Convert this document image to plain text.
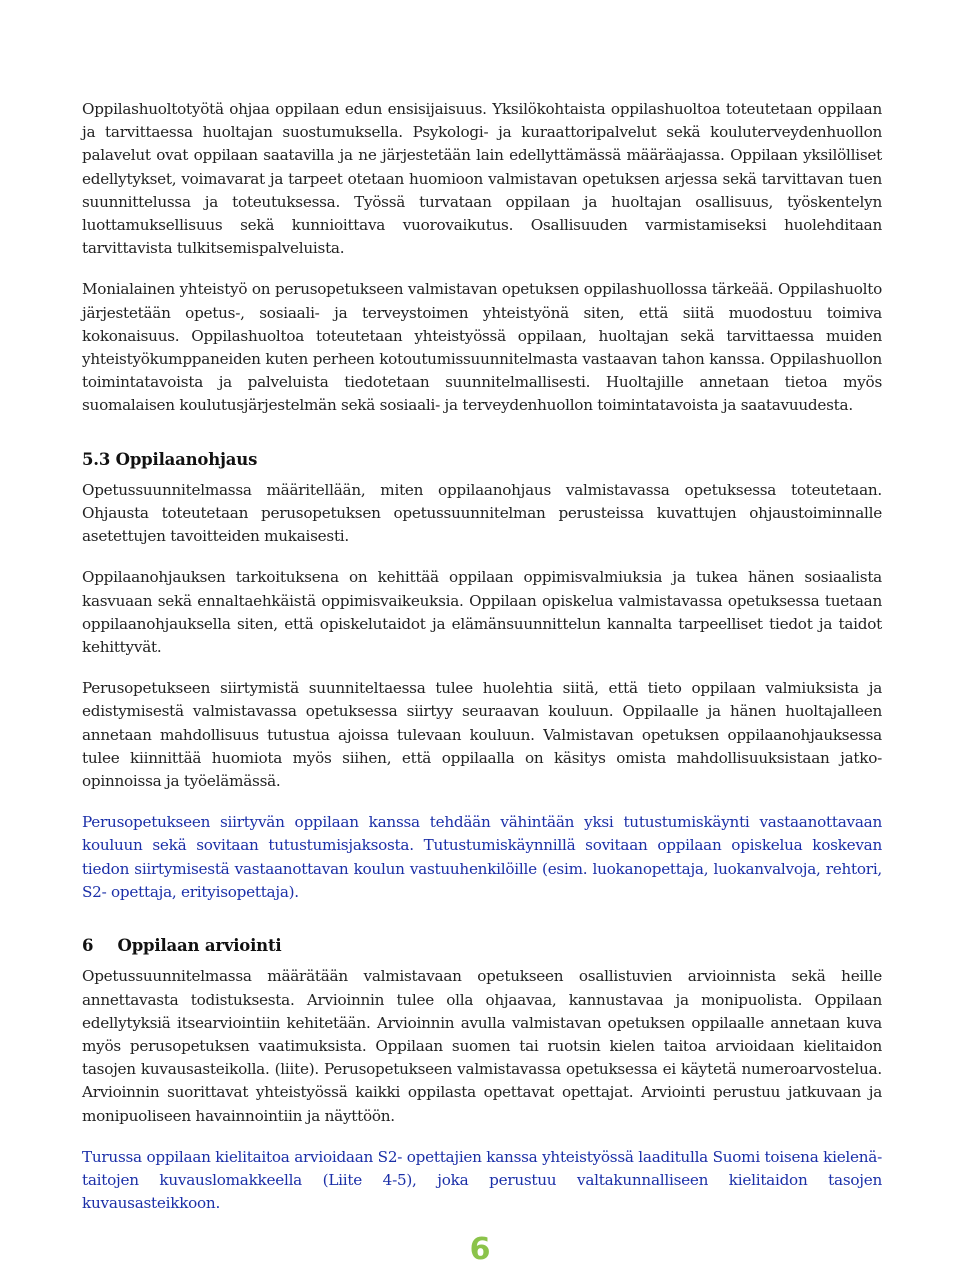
Oppilashuoltotyötä ohjaa oppilaan edun ensisijaisuus. Yksilökohtaista oppilashuoltoa toteutetaan oppilaan ja tarvittaessa huoltajan suostumuksella. Psykologi- ja kuraattoripalvelut sekä kouluterveydenhuollon palavelut ovat oppilaan saatavilla ja ne järjestetään lain edellyttämässä määräajassa. Oppilaan yksilölliset edellytykset, voimavarat ja tarpeet otetaan huomioon valmistavan opetuksen arjessa sekä tarvittavan tuen suunnittelussa ja toteutuksessa. Työssä turvataan oppilaan ja huoltajan osallisuus, työskentelyn luottamuksellisuus sekä kunnioittava vuorovaikutus. Osallisuuden varmistamiseksi huolehditaan tarvittavista tulkitsemispalveluista.

Monialainen yhteistyö on perusopetukseen valmistavan opetuksen oppilashuollossa tärkeää. Oppilashuolto järjestetään opetus-, sosiaali- ja terveystoimen yhteistyönä siten, että siitä muodostuu toimiva kokonaisuus. Oppilashuoltoa toteutetaan yhteistyössä oppilaan, huoltajan sekä tarvittaessa muiden yhteistyökumppaneiden kuten perheen kotoutumissuunnitelmasta vastaavan tahon kanssa. Oppilashuollon toimintatavoista ja palveluista tiedotetaan suunnitelmallisesti. Huoltajille annetaan tietoa myös suomalaisen koulutusjärjestelmän sekä sosiaali- ja terveydenhuollon toimintatavoista ja saatavuudesta.

5.3 Oppilaanohjaus

Opetussuunnitelmassa määritellään, miten oppilaanohjaus valmistavassa opetuksessa toteutetaan. Ohjausta toteutetaan perusopetuksen opetussuunnitelman perusteissa kuvattujen ohjaustoiminnalle asetettujen tavoitteiden mukaisesti.

Oppilaanohjauksen tarkoituksena on kehittää oppilaan oppimisvalmiuksia ja tukea hänen sosiaalista kasvuaan sekä ennaltaehkäistä oppimisvaikeuksia. Oppilaan opiskelua valmistavassa opetuksessa tuetaan oppilaanohjauksella siten, että opiskelutaidot ja elämänsuunnittelun kannalta tarpeelliset tiedot ja taidot kehittyvät.

Perusopetukseen siirtymistä suunniteltaessa tulee huolehtia siitä, että tieto oppilaan valmiuksista ja edistymisestä valmistavassa opetuksessa siirtyy seuraavan kouluun. Oppilaalle ja hänen huoltajalleen annetaan mahdollisuus tutustua ajoissa tulevaan kouluun. Valmistavan opetuksen oppilaanohjauksessa tulee kiinnittää huomiota myös siihen, että oppilaalla on käsitys omista mahdollisuuksistaan jatko-opinnoissa ja työelämässä.

Perusopetukseen siirtyvän oppilaan kanssa tehdään vähintään yksi tutustumiskäynti vastaanottavaan kouluun sekä sovitaan tutustumisjaksosta. Tutustumiskäynnillä sovitaan oppilaan opiskelua koskevan tiedon siirtymisestä vastaanottavan koulun vastuuhenkilöille (esim. luokanopettaja, luokanvalvoja, rehtori, S2- opettaja, erityisopettaja).

6 Oppilaan arviointi

Opetussuunnitelmassa määrätään valmistavaan opetukseen osallistuvien arvioinnista sekä heille annettavasta todistuksesta. Arvioinnin tulee olla ohjaavaa, kannustavaa ja monipuolista. Oppilaan edellytyksiä itsearviointiin kehitetään. Arvioinnin avulla valmistavan opetuksen oppilaalle annetaan kuva myös perusopetuksen vaatimuksista. Oppilaan suomen tai ruotsin kielen taitoa arvioidaan kielitaidon tasojen kuvausasteikolla. (liite). Perusopetukseen valmistavassa opetuksessa ei käytetä numeroarvostelua. Arvioinnin suorittavat yhteistyössä kaikki oppilasta opettavat opettajat. Arviointi perustuu jatkuvaan ja monipuoliseen havainnointiin ja näyttöön.

Turussa oppilaan kielitaitoa arvioidaan S2- opettajien kanssa yhteistyössä laaditulla Suomi toisena kielenä- taitojen kuvauslomakkeella (Liite 4-5), joka perustuu valtakunnalliseen kielitaidon tasojen kuvausasteikkoon.

6
